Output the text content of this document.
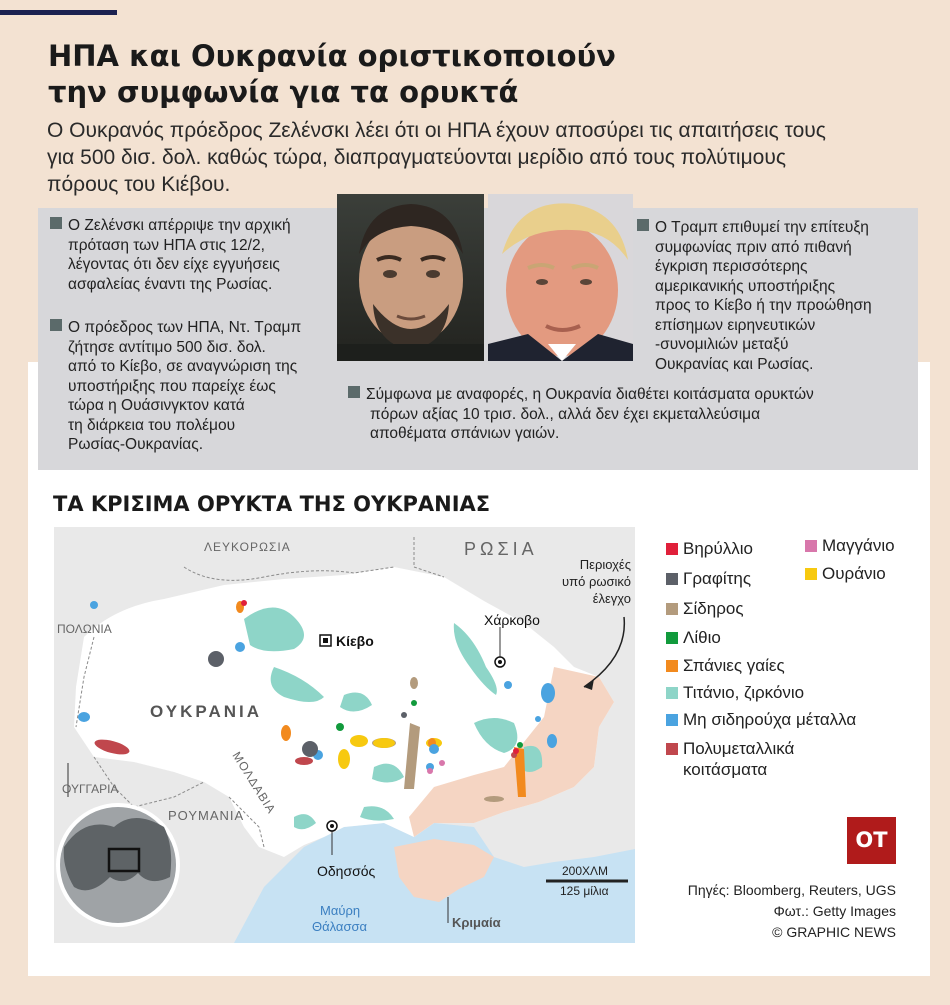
ΗΠΑ και Ουκρανία οριστικοποιούν
την συμφωνία για τα ορυκτά

Ο Ουκρανός πρόεδρος Ζελένσκι λέει ότι οι ΗΠΑ έχουν αποσύρει τις απαιτήσεις τους
για 500 δισ. δολ. καθώς τώρα, διαπραγματεύονται μερίδιο από τους πολύτιμους
πόρους του Κιέβου.

Ο Ζελένσκι απέρριψε την αρχική
πρόταση των ΗΠΑ στις 12/2,
λέγοντας ότι δεν είχε εγγυήσεις
ασφαλείας έναντι της Ρωσίας.
Ο πρόεδρος των ΗΠΑ, Ντ. Τραμπ
ζήτησε αντίτιμο 500 δισ. δολ.
από το Κίεβο, σε αναγνώριση της
υποστήριξης που παρείχε έως
τώρα η Ουάσινγκτον κατά
τη διάρκεια του πολέμου
Ρωσίας-Ουκρανίας.
Ο Τραμπ επιθυμεί την επίτευξη
συμφωνίας πριν από πιθανή
έγκριση περισσότερης
αμερικανικής υποστήριξης
προς το Κίεβο ή την προώθηση
επίσημων ειρηνευτικών
-συνομιλιών μεταξύ
Ουκρανίας και Ρωσίας.
Σύμφωνα με αναφορές, η Ουκρανία διαθέτει κοιτάσματα ορυκτών
πόρων αξίας 10 τρισ. δολ., αλλά δεν έχει εκμεταλλεύσιμα
αποθέματα σπάνιων γαιών.
ΤΑ ΚΡΙΣΙΜΑ ΟΡΥΚΤΑ ΤΗΣ ΟΥΚΡΑΝΙΑΣ
ΛΕΥΚΟΡΩΣΙΑ	ΡΩΣΙΑ
ΠΟΛΩΝΙΑ
ΟΥΚΡΑΝΙΑ
ΜΟΛΔΑΒΙΑ
ΡΟΥΜΑΝΙΑ
ΟΥΓΓΑΡΙΑ
Κίεβο
Χάρκοβο
Οδησσός
Κριμαία
Μαύρη
Θάλασσα
Περιοχές
υπό ρωσικό
έλεγχο
200ΧΛΜ
125 μίλια
Βηρύλλιο
Γραφίτης
Σίδηρος
Λίθιο
Σπάνιες γαίες
Τιτάνιο, ζιρκόνιο
Μη σιδηρούχα μέταλλα
Πολυμεταλλικά
κοιτάσματα
Μαγγάνιο
Ουράνιο
OT
Πηγές: Bloomberg, Reuters, UGS
Φωτ.: Getty Images
© GRAPHIC NEWS
